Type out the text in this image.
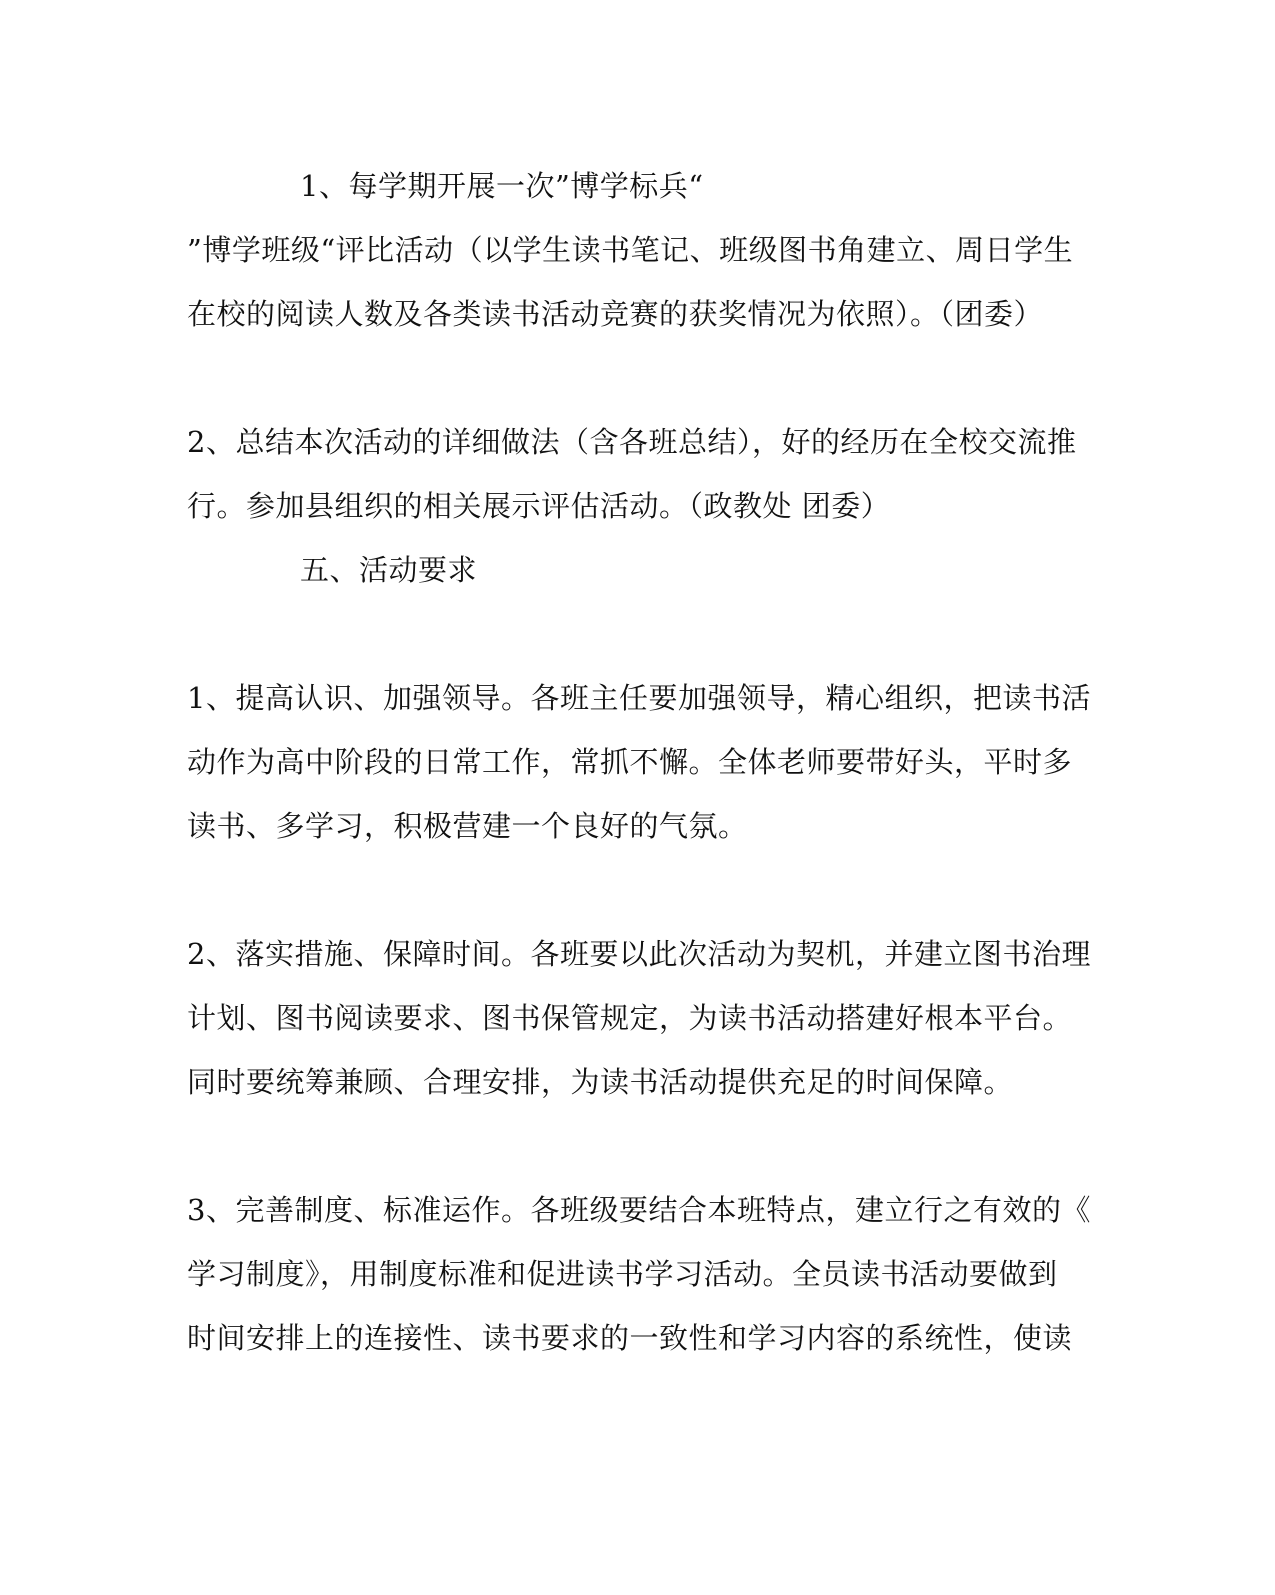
1、每学期开展一次”博学标兵“
”博学班级“评比活动（以学生读书笔记、班级图书角建立、周日学生
在校的阅读人数及各类读书活动竞赛的获奖情况为依照）。（团委）
2、总结本次活动的详细做法（含各班总结），好的经历在全校交流推
行。参加县组织的相关展示评估活动。（政教处 团委）
五、活动要求
1、提高认识、加强领导。各班主任要加强领导，精心组织，把读书活
动作为高中阶段的日常工作，常抓不懈。全体老师要带好头，平时多
读书、多学习，积极营建一个良好的气氛。
2、落实措施、保障时间。各班要以此次活动为契机，并建立图书治理
计划、图书阅读要求、图书保管规定，为读书活动搭建好根本平台。
同时要统筹兼顾、合理安排，为读书活动提供充足的时间保障。
3、完善制度、标准运作。各班级要结合本班特点，建立行之有效的《
学习制度》，用制度标准和促进读书学习活动。全员读书活动要做到
时间安排上的连接性、读书要求的一致性和学习内容的系统性，使读
